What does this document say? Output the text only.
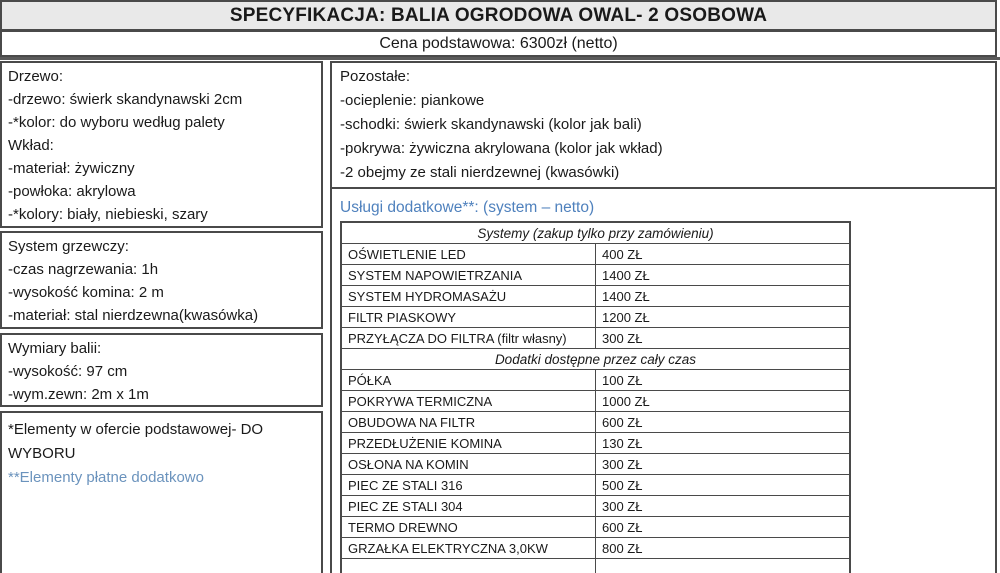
SPECYFIKACJA: BALIA OGRODOWA OWAL- 2 OSOBOWA
Cena podstawowa: 6300zł (netto)
Drzewo:
-drzewo: świerk skandynawski 2cm
-*kolor: do wyboru według palety
Wkład:
-materiał: żywiczny
-powłoka: akrylowa
-*kolory: biały, niebieski, szary
System grzewczy:
-czas nagrzewania: 1h
-wysokość komina: 2 m
-materiał: stal nierdzewna(kwasówka)
Wymiary balii:
-wysokość: 97 cm
-wym.zewn: 2m x 1m
*Elementy w ofercie podstawowej- DO WYBORU
**Elementy płatne dodatkowo
Pozostałe:
-ocieplenie: piankowe
-schodki: świerk skandynawski (kolor jak bali)
-pokrywa: żywiczna akrylowana (kolor jak wkład)
-2 obejmy ze stali nierdzewnej (kwasówki)
Usługi dodatkowe**: (system – netto)
Systemy (zakup tylko przy zamówieniu)	
OŚWIETLENIE LED	400 ZŁ
SYSTEM NAPOWIETRZANIA	1400 ZŁ
SYSTEM HYDROMASAŻU	1400 ZŁ
FILTR PIASKOWY	1200 ZŁ
PRZYŁĄCZA DO FILTRA (filtr własny)	300 ZŁ
Dodatki dostępne przez cały czas	
PÓŁKA	100 ZŁ
POKRYWA TERMICZNA	1000 ZŁ
OBUDOWA NA FILTR	600 ZŁ
PRZEDŁUŻENIE KOMINA	130 ZŁ
OSŁONA NA KOMIN	300 ZŁ
PIEC ZE STALI 316	500 ZŁ
PIEC ZE STALI 304	300 ZŁ
TERMO DREWNO	600 ZŁ
GRZAŁKA ELEKTRYCZNA 3,0KW	800 ZŁ
